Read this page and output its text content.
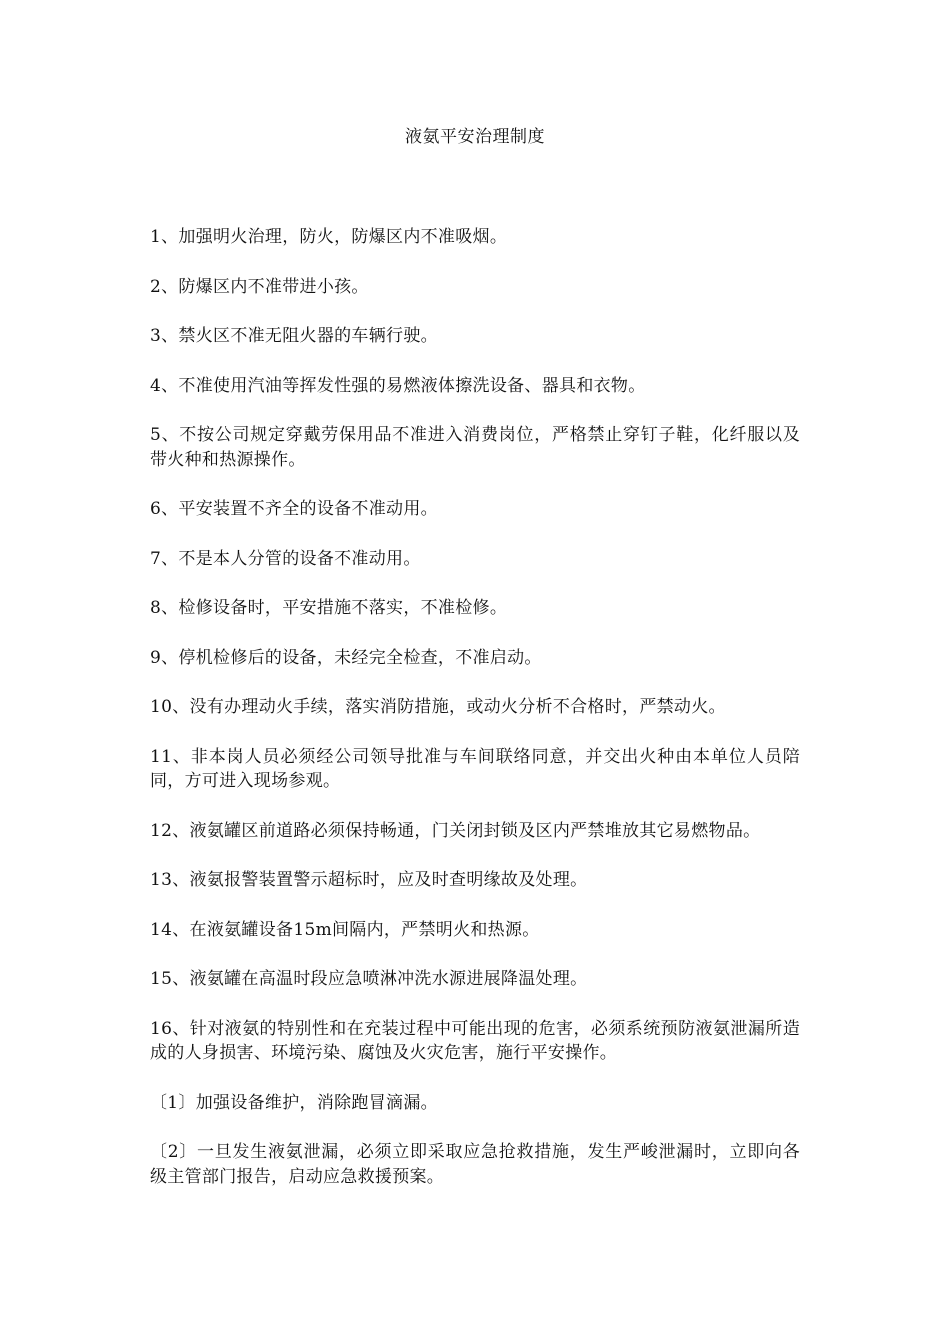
液氨平安治理制度

1、加强明火治理，防火，防爆区内不准吸烟。

2、防爆区内不准带进小孩。

3、禁火区不准无阻火器的车辆行驶。

4、不准使用汽油等挥发性强的易燃液体擦洗设备、器具和衣物。

5、不按公司规定穿戴劳保用品不准进入消费岗位，严格禁止穿钉子鞋，化纤服以及带火种和热源操作。

6、平安装置不齐全的设备不准动用。

7、不是本人分管的设备不准动用。

8、检修设备时，平安措施不落实，不准检修。

9、停机检修后的设备，未经完全检查，不准启动。

10、没有办理动火手续，落实消防措施，或动火分析不合格时，严禁动火。

11、非本岗人员必须经公司领导批准与车间联络同意，并交出火种由本单位人员陪同，方可进入现场参观。

12、液氨罐区前道路必须保持畅通，门关闭封锁及区内严禁堆放其它易燃物品。

13、液氨报警装置警示超标时，应及时查明缘故及处理。

14、在液氨罐设备15m间隔内，严禁明火和热源。

15、液氨罐在高温时段应急喷淋冲洗水源进展降温处理。

16、针对液氨的特别性和在充装过程中可能出现的危害，必须系统预防液氨泄漏所造成的人身损害、环境污染、腐蚀及火灾危害，施行平安操作。

〔1〕加强设备维护，消除跑冒滴漏。

〔2〕一旦发生液氨泄漏，必须立即采取应急抢救措施，发生严峻泄漏时，立即向各级主管部门报告，启动应急救援预案。
